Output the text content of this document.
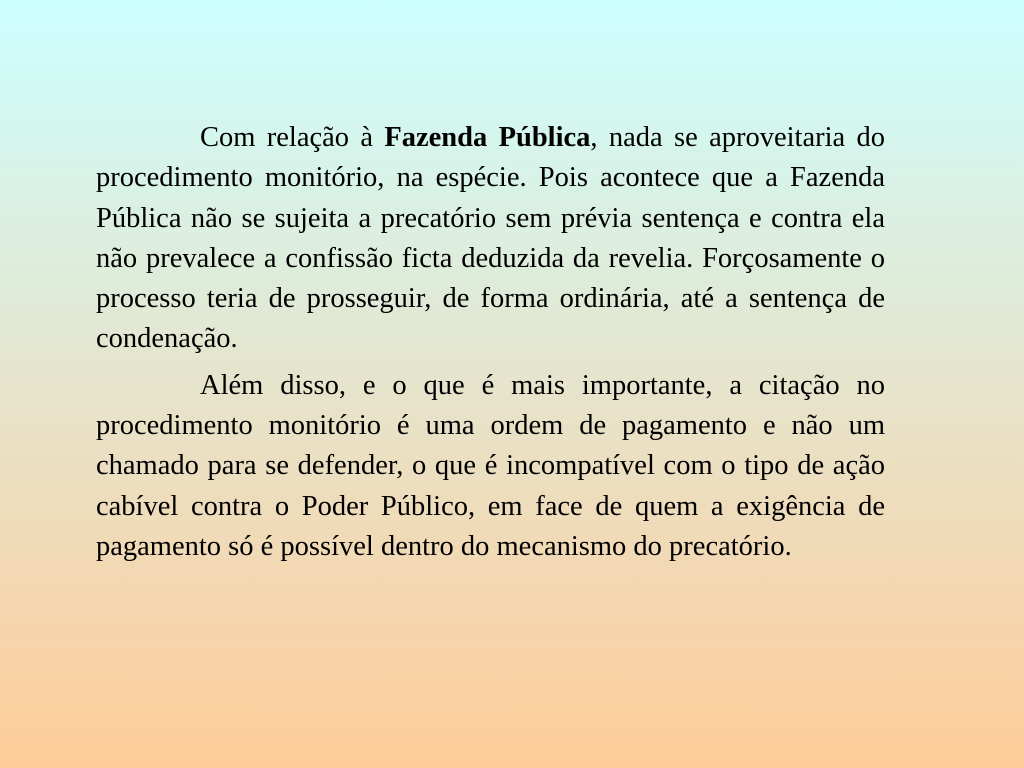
Com relação à Fazenda Pública, nada se aproveitaria do procedimento monitório, na espécie. Pois acontece que a Fazenda Pública não se sujeita a precatório sem prévia sentença e contra ela não prevalece a confissão ficta deduzida da revelia. Forçosamente o processo teria de prosseguir, de forma ordinária, até a sentença de condenação.

Além disso, e o que é mais importante, a citação no procedimento monitório é uma ordem de pagamento e não um chamado para se defender, o que é incompatível com o tipo de ação cabível contra o Poder Público, em face de quem a exigência de pagamento só é possível dentro do mecanismo do precatório.
